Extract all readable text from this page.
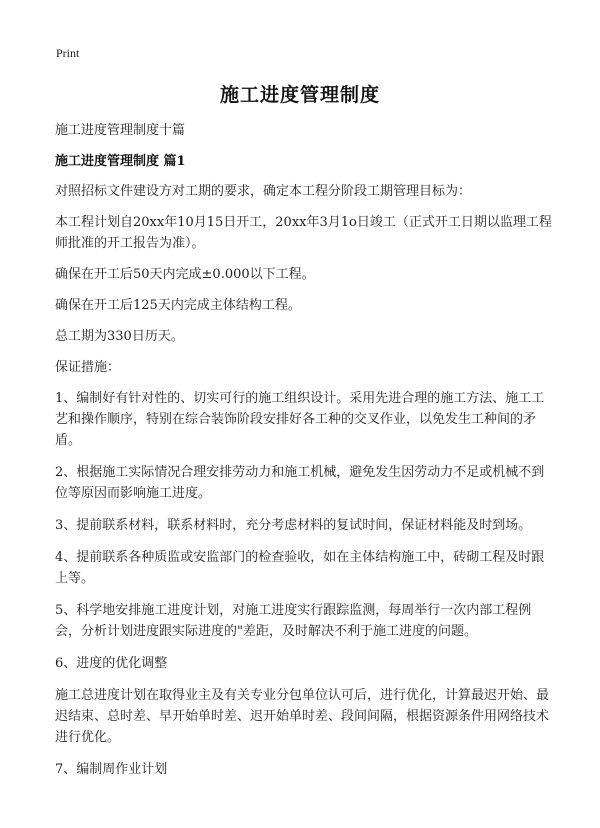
Print
施工进度管理制度

施工进度管理制度十篇

施工进度管理制度 篇1

对照招标文件建设方对工期的要求，确定本工程分阶段工期管理目标为：

本工程计划自20xx年10月15日开工，20xx年3月1o日竣工（正式开工日期以监理工程师批准的开工报告为准）。

确保在开工后50天内完成±0.000以下工程。

确保在开工后125天内完成主体结构工程。

总工期为330日历天。

保证措施：

1、编制好有针对性的、切实可行的施工组织设计。采用先进合理的施工方法、施工工艺和操作顺序，特别在综合装饰阶段安排好各工种的交叉作业，以免发生工种间的矛盾。

2、根据施工实际情况合理安排劳动力和施工机械，避免发生因劳动力不足或机械不到位等原因而影响施工进度。

3、提前联系材料，联系材料时，充分考虑材料的复试时间，保证材料能及时到场。

4、提前联系各种质监或安监部门的检查验收，如在主体结构施工中，砖砌工程及时跟上等。

5、科学地安排施工进度计划，对施工进度实行跟踪监测，每周举行一次内部工程例会，分析计划进度跟实际进度的"差距，及时解决不利于施工进度的问题。

6、进度的优化调整

施工总进度计划在取得业主及有关专业分包单位认可后，进行优化，计算最迟开始、最迟结束、总时差、早开始单时差、迟开始单时差、段间间隔，根据资源条件用网络技术进行优化。

7、编制周作业计划
